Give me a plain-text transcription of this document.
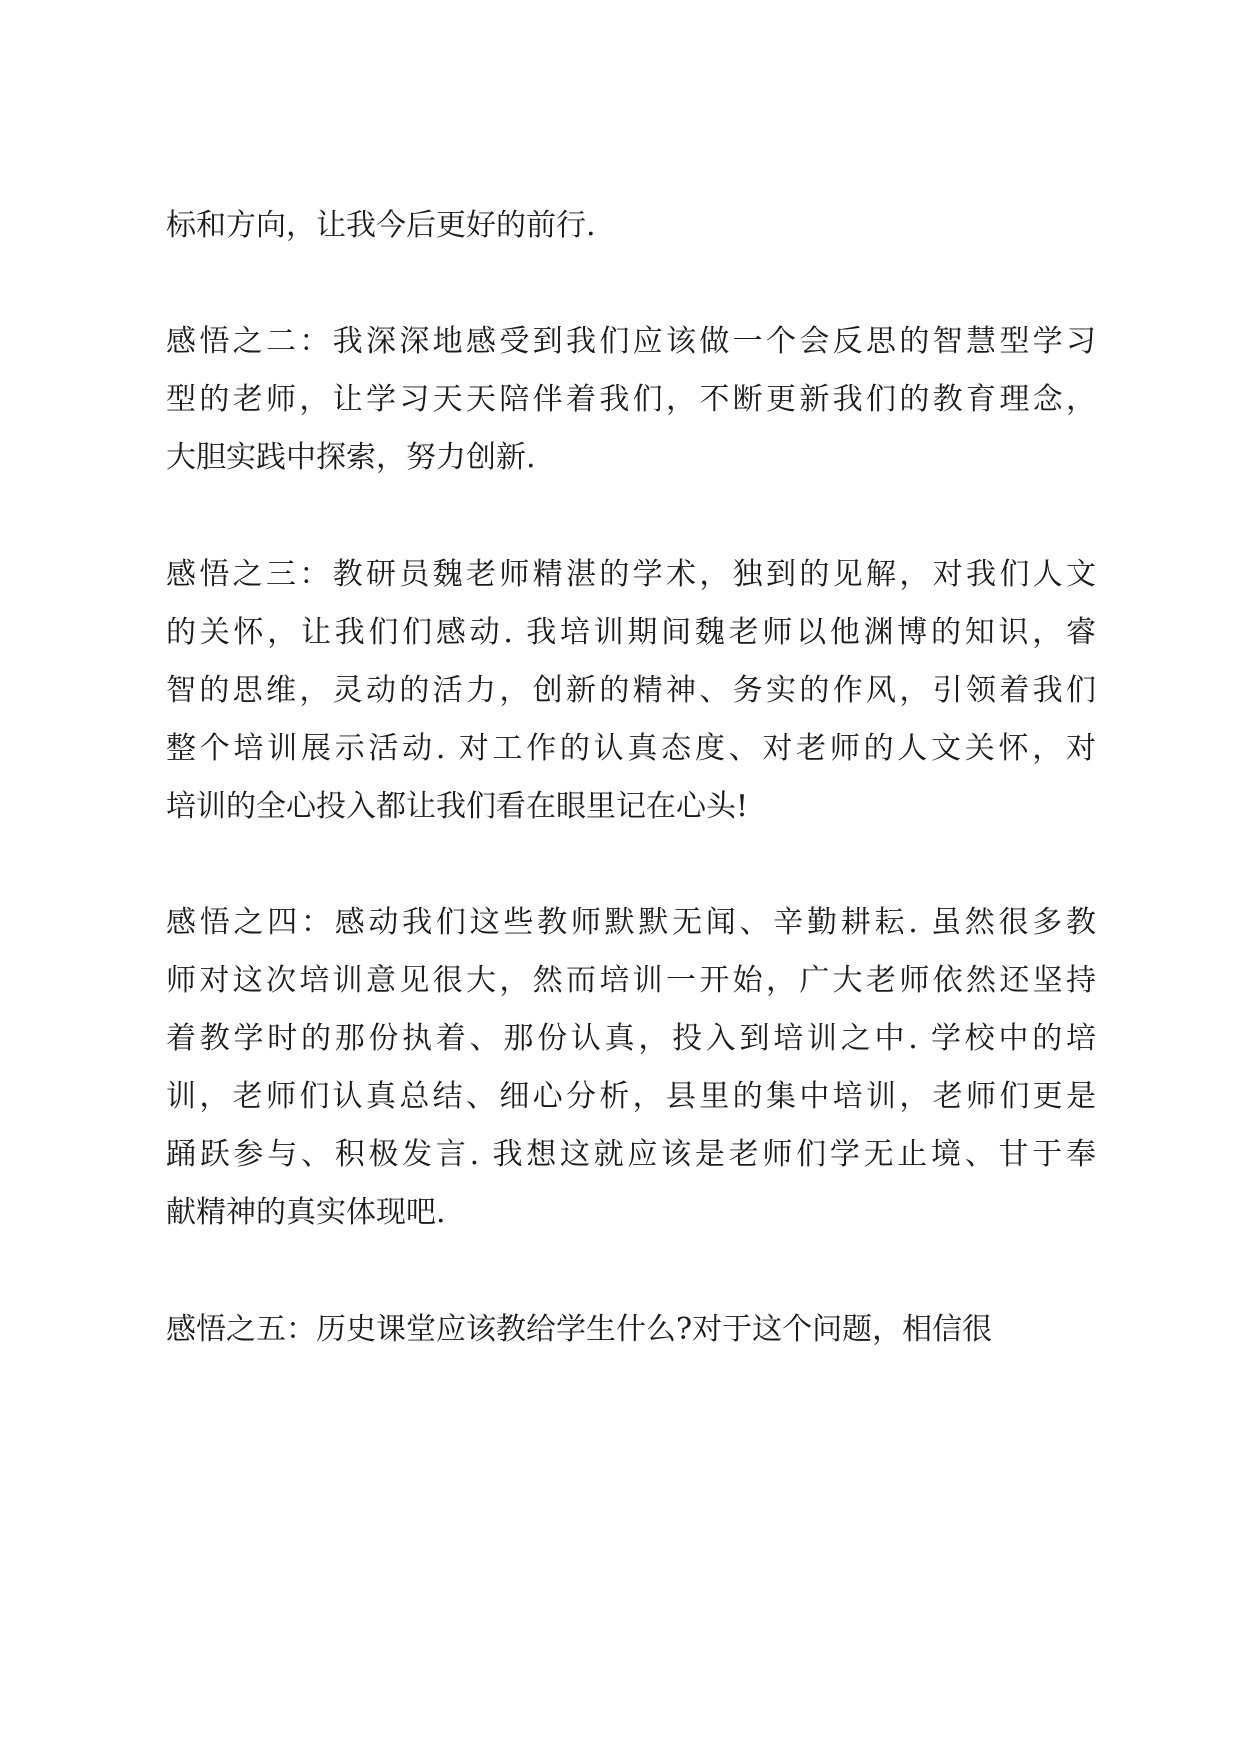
标和方向，让我今后更好的前行.
感悟之二：我深深地感受到我们应该做一个会反思的智慧型学习
型的老师，让学习天天陪伴着我们，不断更新我们的教育理念，
大胆实践中探索，努力创新.
感悟之三：教研员魏老师精湛的学术，独到的见解，对我们人文
的关怀，让我们们感动. 我培训期间魏老师以他渊博的知识，睿
智的思维，灵动的活力，创新的精神、务实的作风，引领着我们
整个培训展示活动. 对工作的认真态度、对老师的人文关怀，对
培训的全心投入都让我们看在眼里记在心头!
感悟之四：感动我们这些教师默默无闻、辛勤耕耘. 虽然很多教
师对这次培训意见很大，然而培训一开始，广大老师依然还坚持
着教学时的那份执着、那份认真，投入到培训之中. 学校中的培
训，老师们认真总结、细心分析，县里的集中培训，老师们更是
踊跃参与、积极发言. 我想这就应该是老师们学无止境、甘于奉
献精神的真实体现吧.
感悟之五：历史课堂应该教给学生什么?对于这个问题，相信很
